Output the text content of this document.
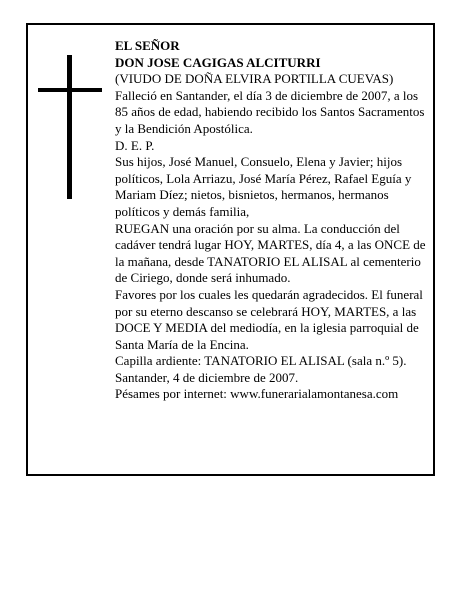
EL SEÑOR

DON JOSE CAGIGAS ALCITURRI

(VIUDO DE DOÑA ELVIRA PORTILLA CUEVAS)

Falleció en Santander, el día 3 de diciembre de 2007, a los 85 años de edad, habiendo recibido los Santos Sacramentos y la Bendición Apostólica.

D. E. P.

Sus hijos, José Manuel, Consuelo, Elena y Javier; hijos políticos, Lola Arriazu, José María Pérez, Rafael Eguía y Mariam Díez; nietos, bisnietos, hermanos, hermanos políticos y demás familia,

RUEGAN una oración por su alma. La conducción del cadáver tendrá lugar HOY, MARTES, día 4, a las ONCE de la mañana, desde TANATORIO EL ALISAL al cementerio de Ciriego, donde será inhumado.

Favores por los cuales les quedarán agradecidos. El funeral por su eterno descanso se celebrará HOY, MARTES, a las DOCE Y MEDIA del mediodía, en la iglesia parroquial de Santa María de la Encina.

Capilla ardiente: TANATORIO EL ALISAL (sala n.º 5).

Santander, 4 de diciembre de 2007.

Pésames por internet: www.funerarialamontanesa.com
